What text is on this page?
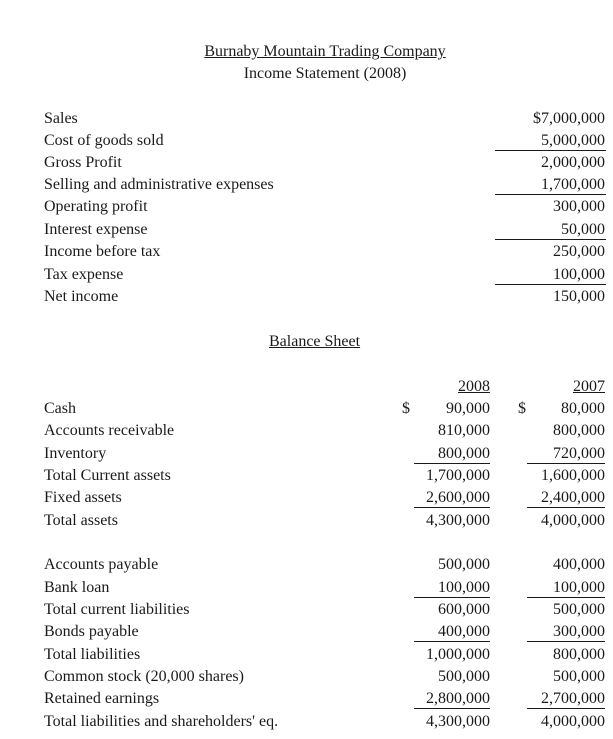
Burnaby Mountain Trading Company
Income Statement (2008)
Sales	$7,000,000
Cost of goods sold	5,000,000
Gross Profit	2,000,000
Selling and administrative expenses	1,700,000
Operating profit	300,000
Interest expense	50,000
Income before tax	250,000
Tax expense	100,000
Net income	150,000
Balance Sheet
2008	2007
Cash	$ 90,000 $ 80,000
Accounts receivable	810,000	800,000
Inventory	800,000	720,000
Total Current assets	1,700,000	1,600,000
Fixed assets	2,600,000	2,400,000
Total assets	4,300,000	4,000,000
Accounts payable	500,000	400,000
Bank loan	100,000	100,000
Total current liabilities	600,000	500,000
Bonds payable	400,000	300,000
Total liabilities	1,000,000	800,000
Common stock (20,000 shares)	500,000	500,000
Retained earnings	2,800,000	2,700,000
Total liabilities and shareholders' eq.	4,300,000	4,000,000
